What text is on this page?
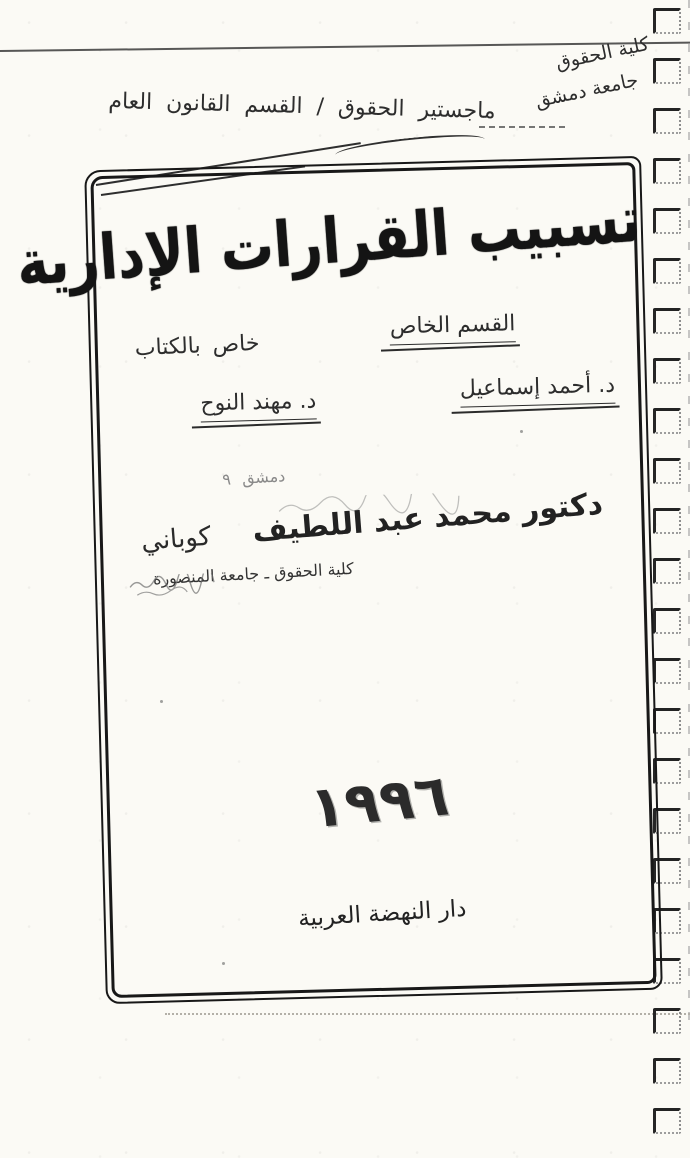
كلية الحقوق
جامعة دمشق
ماجستير الحقوق / القسم القانون العام
تسبيب القرارات الإدارية
القسم الخاص
خاص بالكتاب
د. أحمد إسماعيل
د. مهند النوح
دمشق ٩
دكتور محمد عبد اللطيف
كوباني
كلية الحقوق ـ جامعة المنصورة
١٩٩٦
دار النهضة العربية
